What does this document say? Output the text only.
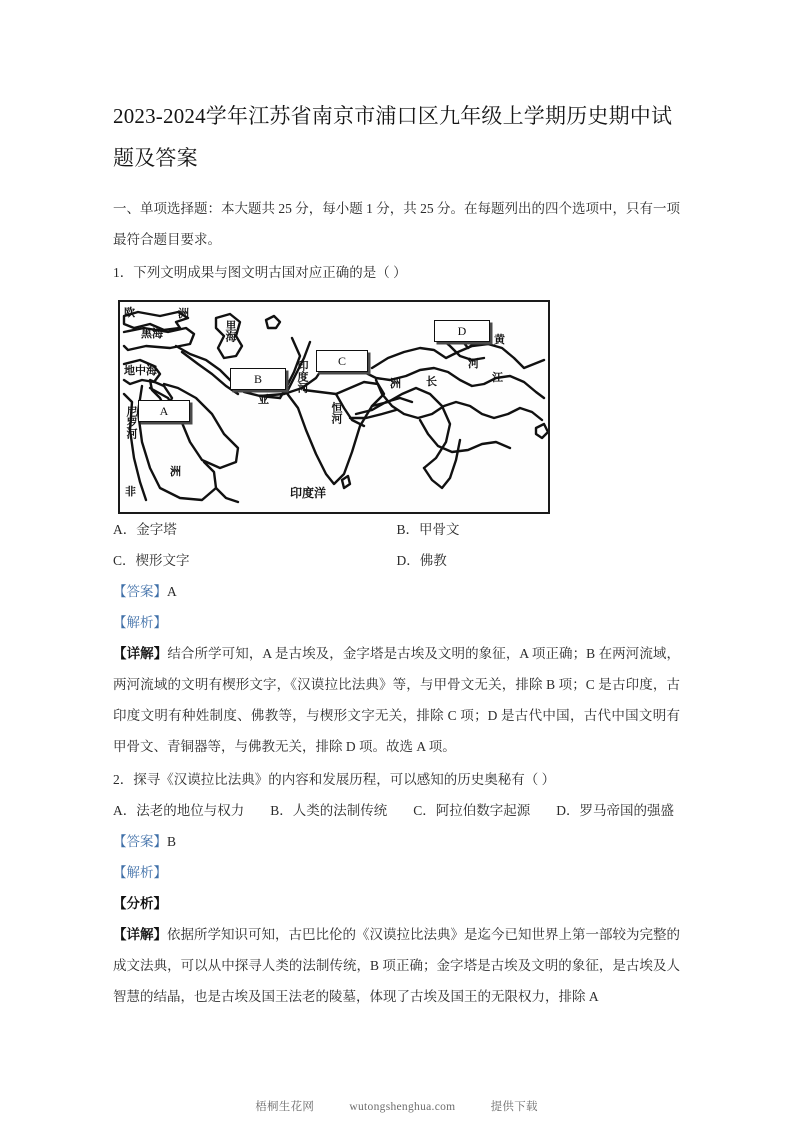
2023-2024学年江苏省南京市浦口区九年级上学期历史期中试题及答案

一、单项选择题：本大题共 25 分，每小题 1 分，共 25 分。在每题列出的四个选项中，只有一项最符合题目要求。

1．下列文明成果与图文明古国对应正确的是（ ）

欧	洲
黑海	里海
地中海
尼罗河
非
洲
亚
印度河
恒河
印度洋
黄
河
长	江
洲
A
B
C
D
A．金字塔	B．甲骨文
C．楔形文字	D．佛教

【答案】A

【解析】

【详解】结合所学可知，A 是古埃及，金字塔是古埃及文明的象征，A 项正确；B 在两河流域，两河流域的文明有楔形文字，《汉谟拉比法典》等，与甲骨文无关，排除 B 项；C 是古印度，古印度文明有种姓制度、佛教等，与楔形文字无关，排除 C 项；D 是古代中国，古代中国文明有甲骨文、青铜器等，与佛教无关，排除 D 项。故选 A 项。

2．探寻《汉谟拉比法典》的内容和发展历程，可以感知的历史奥秘有（ ）

A．法老的地位与权力 B．人类的法制传统 C．阿拉伯数字起源 D．罗马帝国的强盛

【答案】B

【解析】

【分析】

【详解】依据所学知识可知，古巴比伦的《汉谟拉比法典》是迄今已知世界上第一部较为完整的成文法典，可以从中探寻人类的法制传统，B 项正确；金字塔是古埃及文明的象征，是古埃及人智慧的结晶，也是古埃及国王法老的陵墓，体现了古埃及国王的无限权力，排除 A

梧桐生花网	wutongshenghua.com	提供下载
